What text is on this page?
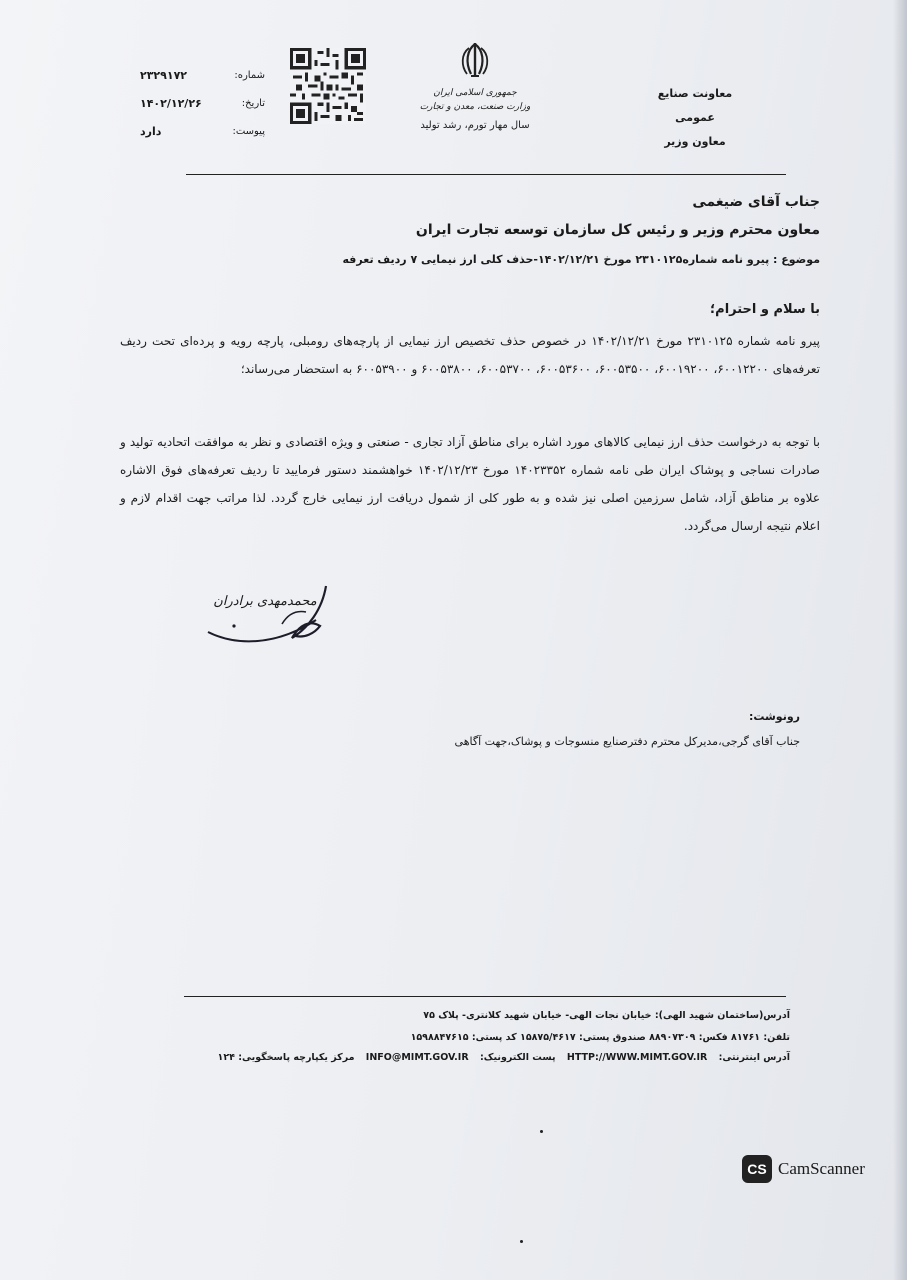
معاونت صنایع عمومی
معاون وزیر
جمهوری اسلامی ایران
وزارت صنعت، معدن و تجارت
سال مهار تورم، رشد تولید
شماره:
۲۳۲۹۱۷۲
تاریخ:
۱۴۰۲/۱۲/۲۶
پیوست:
دارد
جناب آقای ضیغمی
معاون محترم وزیر و رئیس کل سازمان توسعه تجارت ایران
موضوع : پیرو نامه شماره۲۳۱۰۱۲۵ مورخ ۱۴۰۲/۱۲/۲۱-حذف کلی ارز نیمایی ۷ ردیف تعرفه
با سلام و احترام؛
پیرو نامه شماره ۲۳۱۰۱۲۵ مورخ ۱۴۰۲/۱۲/۲۱ در خصوص حذف تخصیص ارز نیمایی از پارچه‌های رومبلی، پارچه رویه و پرده‌ای تحت ردیف تعرفه‌های ۶۰۰۱۲۲۰۰، ۶۰۰۱۹۲۰۰، ۶۰۰۵۳۵۰۰، ۶۰۰۵۳۶۰۰، ۶۰۰۵۳۷۰۰، ۶۰۰۵۳۸۰۰ و ۶۰۰۵۳۹۰۰ به استحضار می‌رساند؛
با توجه به درخواست حذف ارز نیمایی کالاهای مورد اشاره برای مناطق آزاد تجاری - صنعتی و ویژه اقتصادی و نظر به موافقت اتحادیه تولید و صادرات نساجی و پوشاک ایران طی نامه شماره ۱۴۰۲۳۳۵۲ مورخ ۱۴۰۲/۱۲/۲۳ خواهشمند دستور فرمایید تا ردیف تعرفه‌های فوق الاشاره علاوه بر مناطق آزاد، شامل سرزمین اصلی نیز شده و به طور کلی از شمول دریافت ارز نیمایی خارج گردد. لذا مراتب جهت اقدام لازم و اعلام نتیجه ارسال می‌گردد.
محمدمهدی برادران
رونوشت:
جناب آقای گرجی،مدیرکل محترم دفترصنایع منسوجات و پوشاک،جهت آگاهی
آدرس(ساختمان شهید الهی): خیابان نجات الهی- خیابان شهید کلانتری- پلاک ۷۵
تلفن: ۸۱۷۶۱ فکس: ۸۸۹۰۷۳۰۹ صندوق پستی: ۱۵۸۷۵/۴۶۱۷ کد پستی: ۱۵۹۸۸۴۷۶۱۵
آدرس اینترنتی: HTTP://WWW.MIMT.GOV.IR پست الکترونیک: INFO@MIMT.GOV.IR مرکز یکپارچه پاسخگویی: ۱۲۴
CS CamScanner
